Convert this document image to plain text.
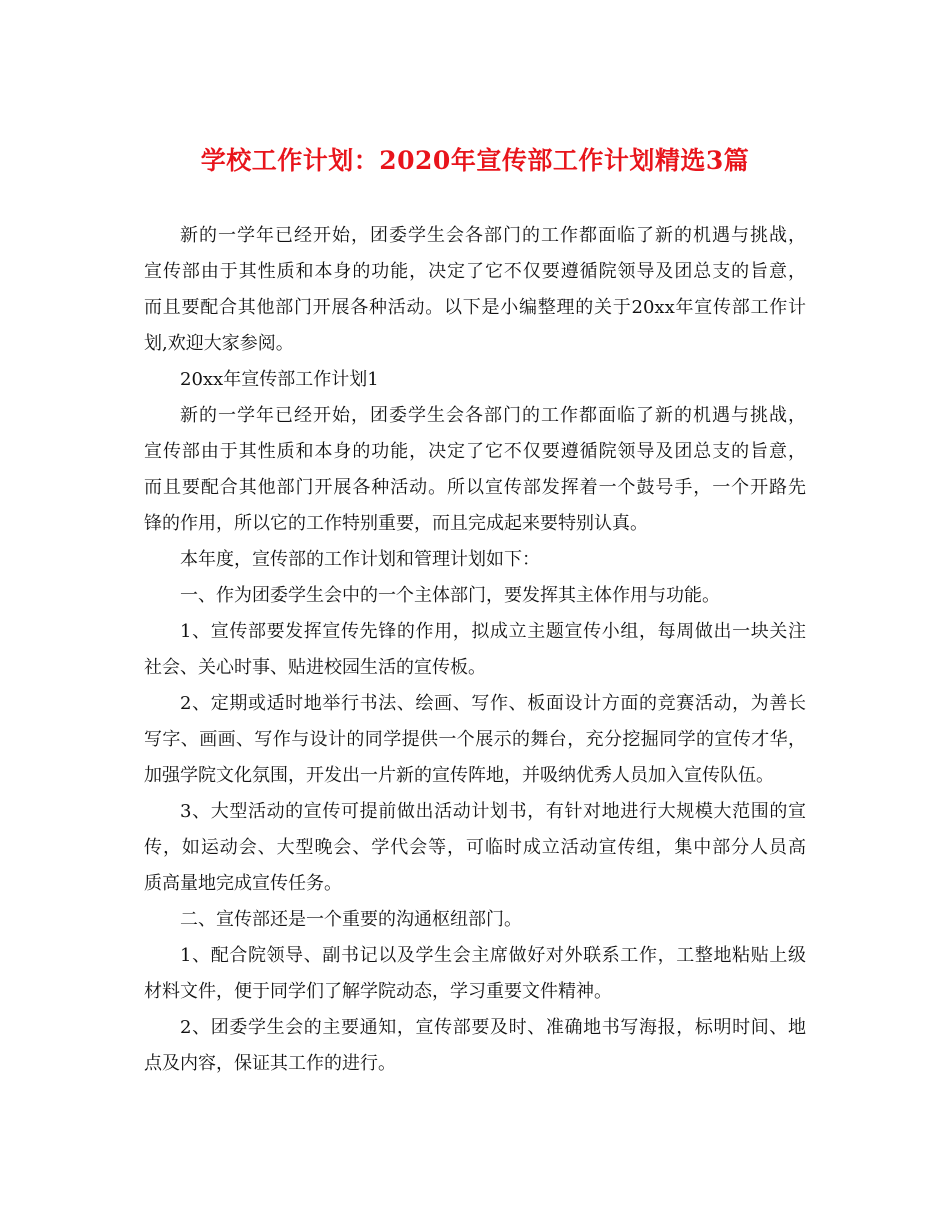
学校工作计划：2020年宣传部工作计划精选3篇
新的一学年已经开始，团委学生会各部门的工作都面临了新的机遇与挑战，
宣传部由于其性质和本身的功能，决定了它不仅要遵循院领导及团总支的旨意，
而且要配合其他部门开展各种活动。以下是小编整理的关于20xx年宣传部工作计
划,欢迎大家参阅。
20xx年宣传部工作计划1
新的一学年已经开始，团委学生会各部门的工作都面临了新的机遇与挑战，
宣传部由于其性质和本身的功能，决定了它不仅要遵循院领导及团总支的旨意，
而且要配合其他部门开展各种活动。所以宣传部发挥着一个鼓号手，一个开路先
锋的作用，所以它的工作特别重要，而且完成起来要特别认真。
本年度，宣传部的工作计划和管理计划如下：
一、作为团委学生会中的一个主体部门，要发挥其主体作用与功能。
1、宣传部要发挥宣传先锋的作用，拟成立主题宣传小组，每周做出一块关注
社会、关心时事、贴进校园生活的宣传板。
2、定期或适时地举行书法、绘画、写作、板面设计方面的竞赛活动，为善长
写字、画画、写作与设计的同学提供一个展示的舞台，充分挖掘同学的宣传才华，
加强学院文化氛围，开发出一片新的宣传阵地，并吸纳优秀人员加入宣传队伍。
3、大型活动的宣传可提前做出活动计划书，有针对地进行大规模大范围的宣
传，如运动会、大型晚会、学代会等，可临时成立活动宣传组，集中部分人员高
质高量地完成宣传任务。
二、宣传部还是一个重要的沟通枢纽部门。
1、配合院领导、副书记以及学生会主席做好对外联系工作，工整地粘贴上级
材料文件，便于同学们了解学院动态，学习重要文件精神。
2、团委学生会的主要通知，宣传部要及时、准确地书写海报，标明时间、地
点及内容，保证其工作的进行。
